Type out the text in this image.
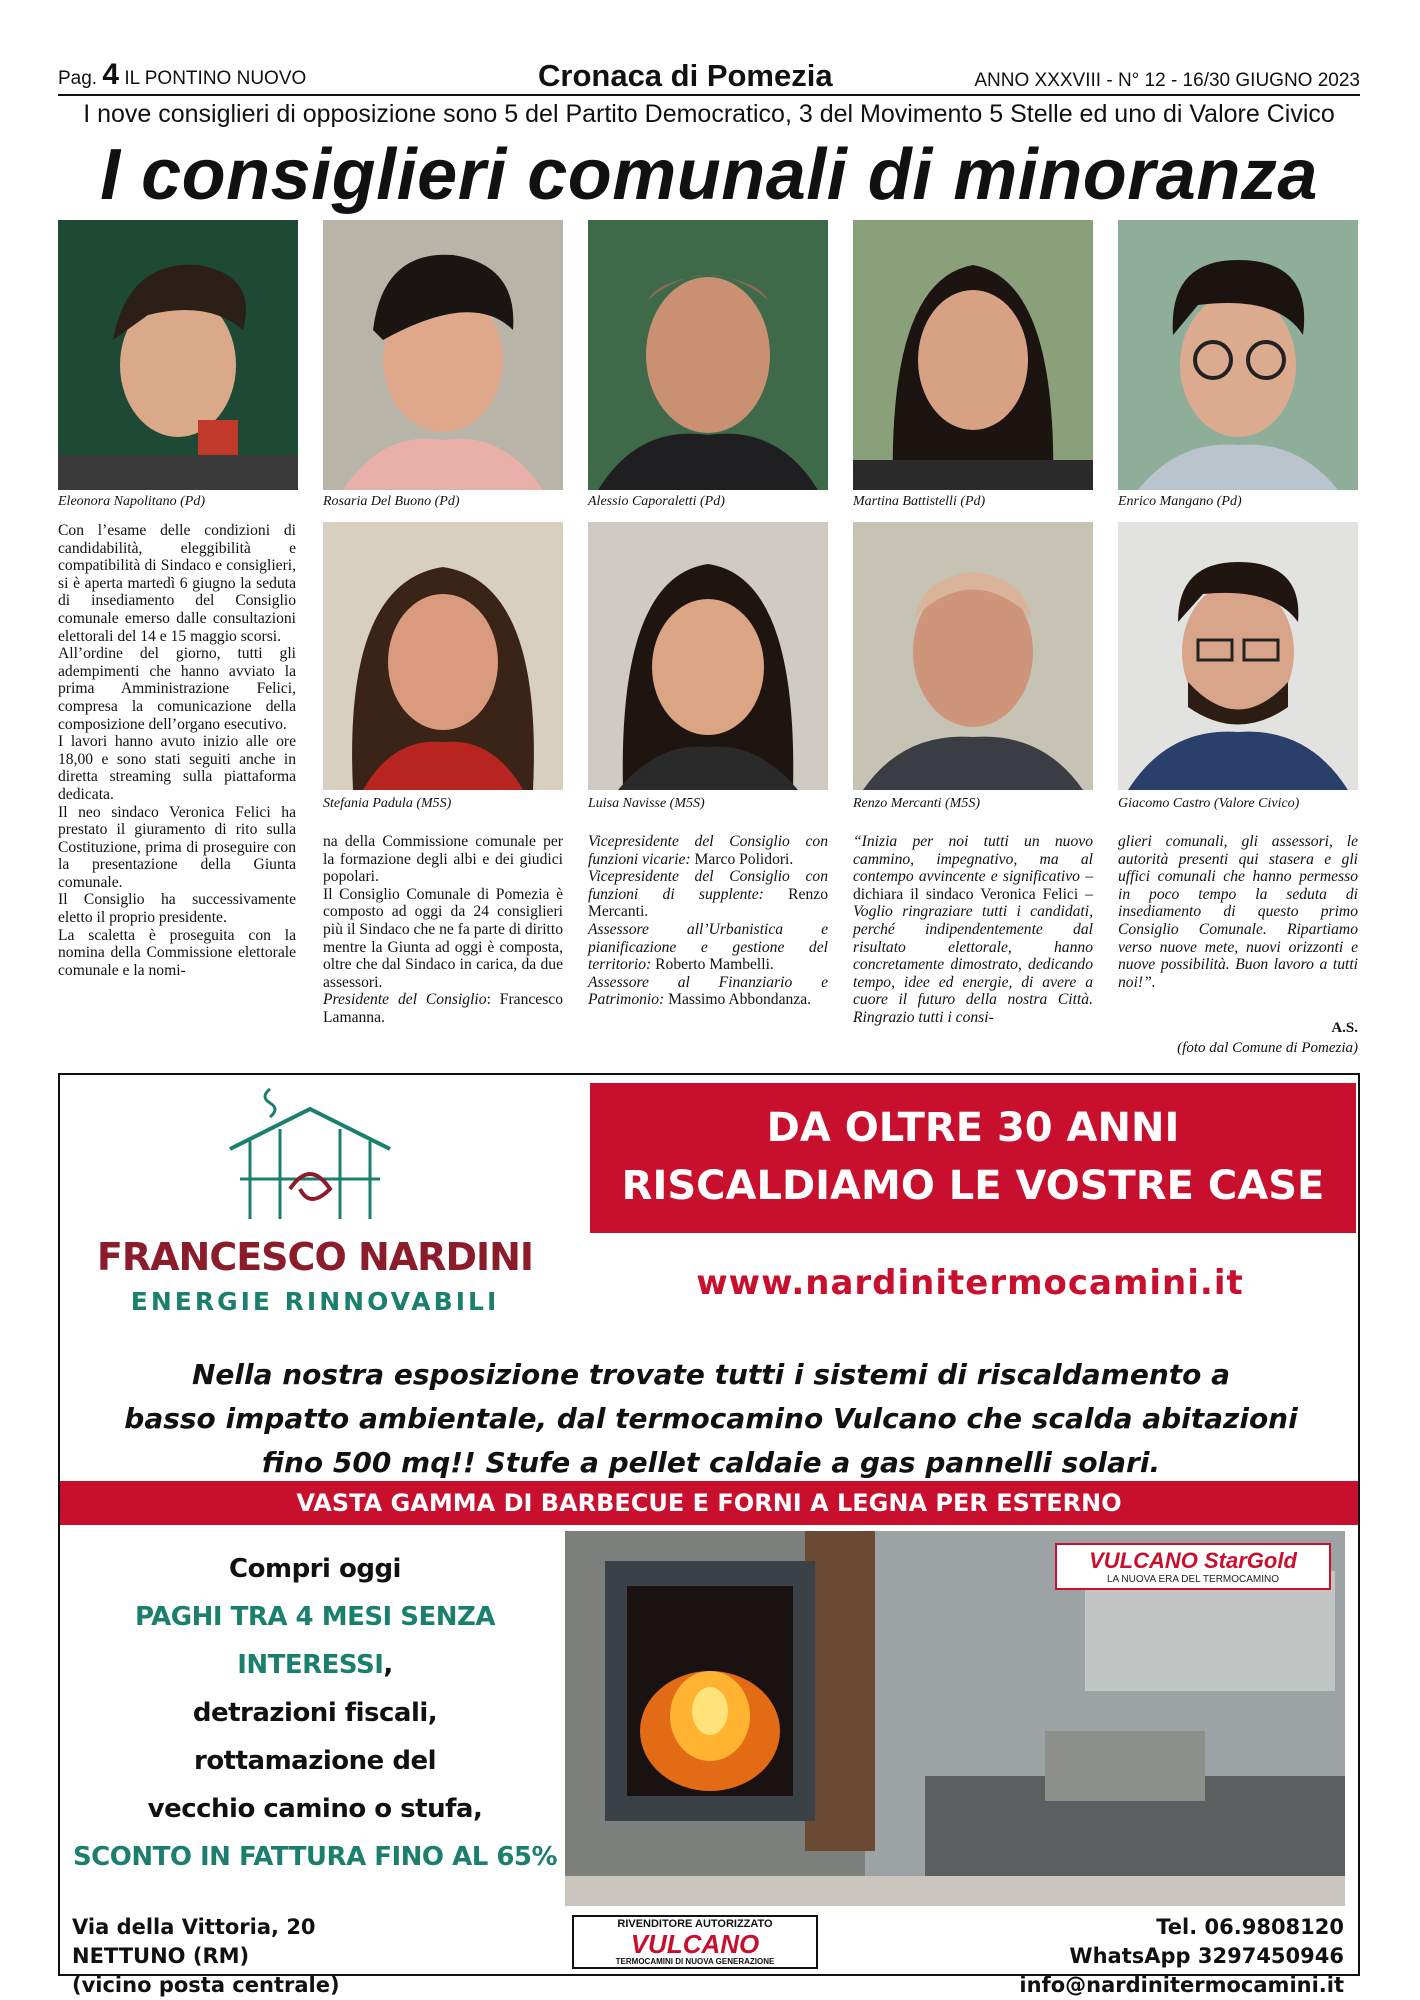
Pag. 4 IL PONTINO NUOVO	Cronaca di Pomezia	ANNO XXXVIII - N° 12 - 16/30 GIUGNO 2023
I nove consiglieri di opposizione sono 5 del Partito Democratico, 3 del Movimento 5 Stelle ed uno di Valore Civico
I consiglieri comunali di minoranza
Eleonora Napolitano (Pd)	Rosaria Del Buono (Pd)	Alessio Caporaletti (Pd)	Martina Battistelli (Pd)	Enrico Mangano (Pd)
Stefania Padula (M5S)	Luisa Navisse (M5S)	Renzo Mercanti (M5S)	Giacomo Castro (Valore Civico)

Con l’esame delle condizioni di candidabilità, eleggibilità e compatibilità di Sindaco e consiglieri, si è aperta martedì 6 giugno la seduta di insediamento del Consiglio comunale emerso dalle consultazioni elettorali del 14 e 15 maggio scorsi.

All’ordine del giorno, tutti gli adempimenti che hanno avviato la prima Amministrazione Felici, compresa la comunicazione della composizione dell’organo esecutivo.

I lavori hanno avuto inizio alle ore 18,00 e sono stati seguiti anche in diretta streaming sulla piattaforma dedicata.

Il neo sindaco Veronica Felici ha prestato il giuramento di rito sulla Costituzione, prima di proseguire con la presentazione della Giunta comunale.

Il Consiglio ha successivamente eletto il proprio presidente.

La scaletta è proseguita con la nomina della Commissione elettorale comunale e la nomi-

na della Commissione comunale per la formazione degli albi e dei giudici popolari.

Il Consiglio Comunale di Pomezia è composto ad oggi da 24 consiglieri più il Sindaco che ne fa parte di diritto mentre la Giunta ad oggi è composta, oltre che dal Sindaco in carica, da due assessori.

Presidente del Consiglio: Francesco Lamanna.

Vicepresidente del Consiglio con funzioni vicarie: Marco Polidori.

Vicepresidente del Consiglio con funzioni di supplente: Renzo Mercanti.

Assessore all’Urbanistica e pianificazione e gestione del territorio: Roberto Mambelli.

Assessore al Finanziario e Patrimonio: Massimo Abbondanza.

“Inizia per noi tutti un nuovo cammino, impegnativo, ma al contempo avvincente e significativo – dichiara il sindaco Veronica Felici – Voglio ringraziare tutti i candidati, perché indipendentemente dal risultato elettorale, hanno concretamente dimostrato, dedicando tempo, idee ed energie, di avere a cuore il futuro della nostra Città. Ringrazio tutti i consi-

glieri comunali, gli assessori, le autorità presenti qui stasera e gli uffici comunali che hanno permesso in poco tempo la seduta di insediamento di questo primo Consiglio Comunale. Ripartiamo verso nuove mete, nuovi orizzonti e nuove possibilità. Buon lavoro a tutti noi!”.

A.S.
(foto dal Comune di Pomezia)
DA OLTRE 30 ANNI
RISCALDIAMO LE VOSTRE CASE
FRANCESCO NARDINI
ENERGIE RINNOVABILI	www.nardinitermocamini.it
Nella nostra esposizione trovate tutti i sistemi di riscaldamento a
basso impatto ambientale, dal termocamino Vulcano che scalda abitazioni
fino 500 mq!! Stufe a pellet caldaie a gas pannelli solari.
VASTA GAMMA DI BARBECUE E FORNI A LEGNA PER ESTERNO
Compri oggi
PAGHI TRA 4 MESI SENZA INTERESSI,
detrazioni fiscali,
rottamazione del
vecchio camino o stufa,
SCONTO IN FATTURA FINO AL 65%
VULCANO StarGold
LA NUOVA ERA DEL TERMOCAMINO
Via della Vittoria, 20
NETTUNO (RM)
(vicino posta centrale)
RIVENDITORE AUTORIZZATO
VULCANO
TERMOCAMINI DI NUOVA GENERAZIONE
Tel. 06.9808120
WhatsApp 3297450946
info@nardinitermocamini.it
